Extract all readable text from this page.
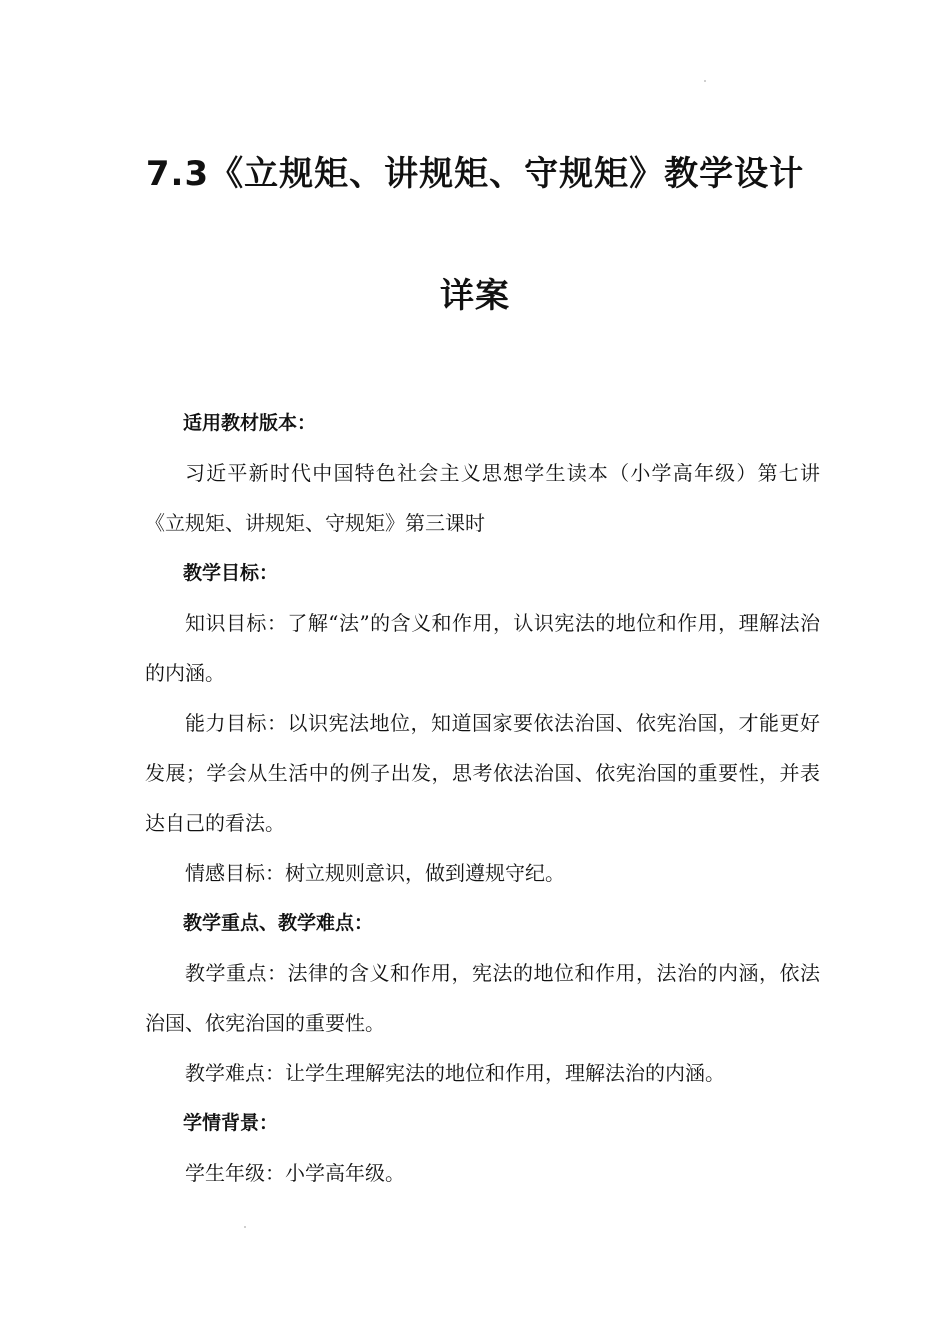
7.3《立规矩、讲规矩、守规矩》教学设计
详案

适用教材版本：

习近平新时代中国特色社会主义思想学生读本（小学高年级）第七讲《立规矩、讲规矩、守规矩》第三课时

教学目标：

知识目标：了解“法”的含义和作用，认识宪法的地位和作用，理解法治的内涵。

能力目标：以识宪法地位，知道国家要依法治国、依宪治国，才能更好发展；学会从生活中的例子出发，思考依法治国、依宪治国的重要性，并表达自己的看法。

情感目标：树立规则意识，做到遵规守纪。

教学重点、教学难点：

教学重点：法律的含义和作用，宪法的地位和作用，法治的内涵，依法治国、依宪治国的重要性。

教学难点：让学生理解宪法的地位和作用，理解法治的内涵。

学情背景：

学生年级：小学高年级。
